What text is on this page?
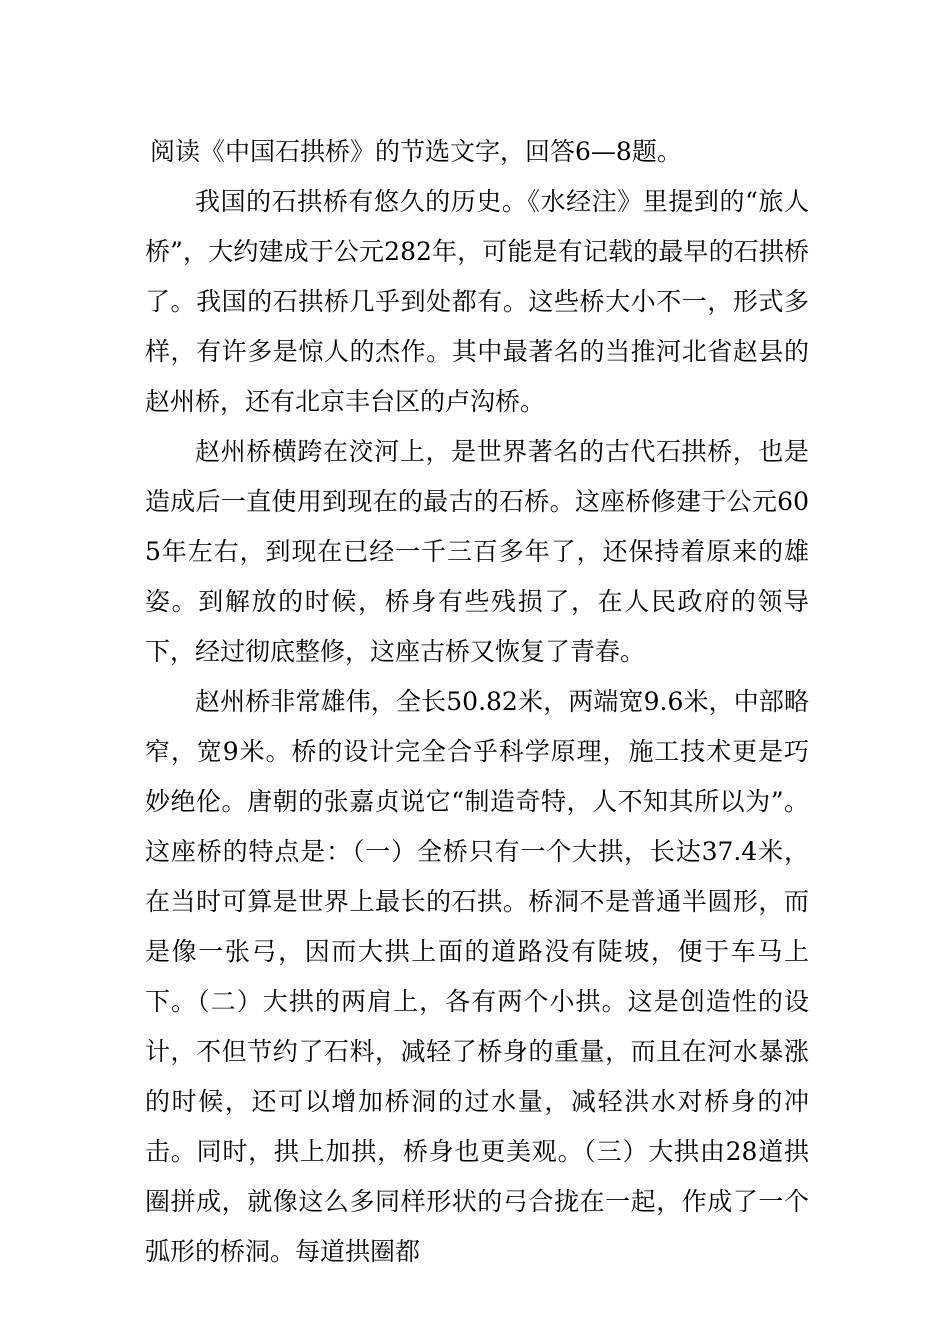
阅读《中国石拱桥》的节选文字，回答6—8题。

我国的石拱桥有悠久的历史。《水经注》里提到的“旅人桥”，大约建成于公元282年，可能是有记载的最早的石拱桥了。我国的石拱桥几乎到处都有。这些桥大小不一，形式多样，有许多是惊人的杰作。其中最著名的当推河北省赵县的赵州桥，还有北京丰台区的卢沟桥。

赵州桥横跨在洨河上，是世界著名的古代石拱桥，也是造成后一直使用到现在的最古的石桥。这座桥修建于公元605年左右，到现在已经一千三百多年了，还保持着原来的雄姿。到解放的时候，桥身有些残损了，在人民政府的领导下，经过彻底整修，这座古桥又恢复了青春。

赵州桥非常雄伟，全长50.82米，两端宽9.6米，中部略窄，宽9米。桥的设计完全合乎科学原理，施工技术更是巧妙绝伦。唐朝的张嘉贞说它“制造奇特，人不知其所以为”。这座桥的特点是：（一）全桥只有一个大拱，长达37.4米，在当时可算是世界上最长的石拱。桥洞不是普通半圆形，而是像一张弓，因而大拱上面的道路没有陡坡，便于车马上下。（二）大拱的两肩上，各有两个小拱。这是创造性的设计，不但节约了石料，减轻了桥身的重量，而且在河水暴涨的时候，还可以增加桥洞的过水量，减轻洪水对桥身的冲击。同时，拱上加拱，桥身也更美观。（三）大拱由28道拱圈拼成，就像这么多同样形状的弓合拢在一起，作成了一个弧形的桥洞。每道拱圈都
